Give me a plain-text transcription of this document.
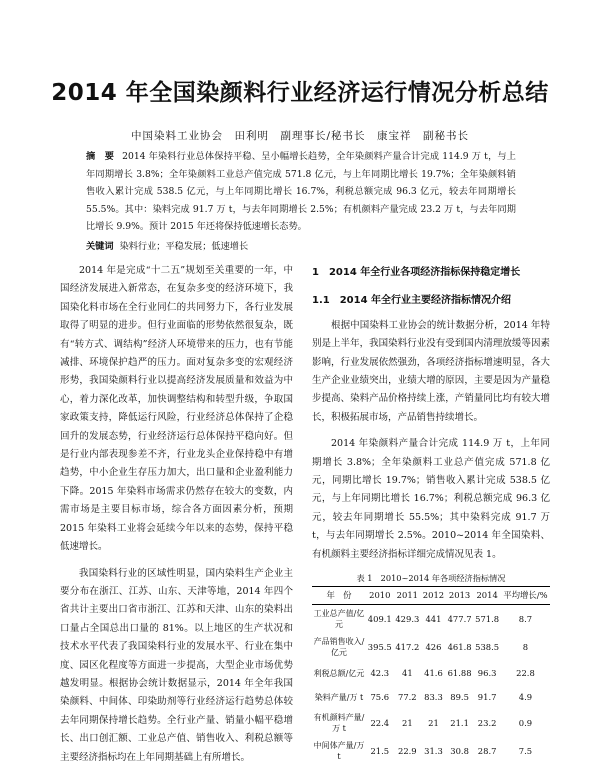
2014 年全国染颜料行业经济运行情况分析总结

中国染料工业协会　田利明　副理事长/秘书长　康宝祥　副秘书长

摘　要 2014 年染料行业总体保持平稳、呈小幅增长趋势，全年染颜料产量合计完成 114.9 万 t，与上年同期增长 3.8%；全年染颜料工业总产值完成 571.8 亿元，与上年同期比增长 19.7%；全年染颜料销售收入累计完成 538.5 亿元，与上年同期比增长 16.7%，利税总额完成 96.3 亿元，较去年同期增长 55.5%。其中：染料完成 91.7 万 t，与去年同期增长 2.5%；有机颜料产量完成 23.2 万 t，与去年同期比增长 9.9%。预计 2015 年还将保持低速增长态势。

关键词 染料行业；平稳发展；低速增长

2014 年是完成“十二五”规划至关重要的一年，中国经济发展进入新常态，在复杂多变的经济环境下，我国染化料市场在全行业同仁的共同努力下，各行业发展取得了明显的进步。但行业面临的形势依然很复杂，既有“转方式、调结构”经济人环境带来的压力，也有节能减排、环境保护趋严的压力。面对复杂多变的宏观经济形势，我国染颜料行业以提高经济发展质量和效益为中心，着力深化改革，加快调整结构和转型升级，争取国家政策支持，降低运行风险，行业经济总体保持了企稳回升的发展态势，行业经济运行总体保持平稳向好。但是行业内部表现参差不齐，行业龙头企业保持稳中有增趋势，中小企业生存压力加大，出口量和企业盈利能力下降。2015 年染料市场需求仍然存在较大的变数，内需市场是主要目标市场，综合各方面因素分析，预期 2015 年染料工业将会延续今年以来的态势，保持平稳低速增长。

我国染料行业的区域性明显，国内染料生产企业主要分布在浙江、江苏、山东、天津等地，2014 年四个省共计主要出口省市浙江、江苏和天津、山东的染料出口量占全国总出口量的 81%。以上地区的生产状况和技术水平代表了我国染料行业的发展水平、行业在集中度、园区化程度等方面进一步提高，大型企业市场优势越发明显。根据协会统计数据显示，2014 年全年我国染颜料、中间体、印染助剂等行业经济运行趋势总体较去年同期保持增长趋势。全行业产量、销量小幅平稳增长、出口创汇额、工业总产值、销售收入、利税总额等主要经济指标均在上年同期基础上有所增长。

1　2014 年全行业各项经济指标保持稳定增长
1.1　2014 年全行业主要经济指标情况介绍

根据中国染料工业协会的统计数据分析，2014 年特别是上半年，我国染料行业没有受到国内清理放缓等因素影响，行业发展依然强劲，各项经济指标增速明显，各大生产企业业绩突出，业绩大增的原因，主要是因为产量稳步提高、染料产品价格持续上涨，产销量同比均有较大增长，积极拓展市场，产品销售持续增长。

2014 年染颜料产量合计完成 114.9 万 t，上年同期增长 3.8%；全年染颜料工业总产值完成 571.8 亿元，同期比增长 19.7%；销售收入累计完成 538.5 亿元，与上年同期比增长 16.7%；利税总额完成 96.3 亿元，较去年同期增长 55.5%；其中染料完成 91.7 万 t，与去年同期增长 2.5%。2010~2014 年全国染料、有机颜料主要经济指标详细完成情况见表 1。

表 1　2010~2014 年各项经济指标情况
年　份	2010	2011	2012	2013	2014	平均增长/%
工业总产值/亿元	409.1	429.3	441	477.7	571.8	8.7
产品销售收入/亿元	395.5	417.2	426	461.8	538.5	8
利税总额/亿元	42.3	41	41.6	61.88	96.3	22.8
染料产量/万 t	75.6	77.2	83.3	89.5	91.7	4.9
有机颜料产量/万 t	22.4	21	21	21.1	23.2	0.9
中间体产量/万 t	21.5	22.9	31.3	30.8	28.7	7.5
